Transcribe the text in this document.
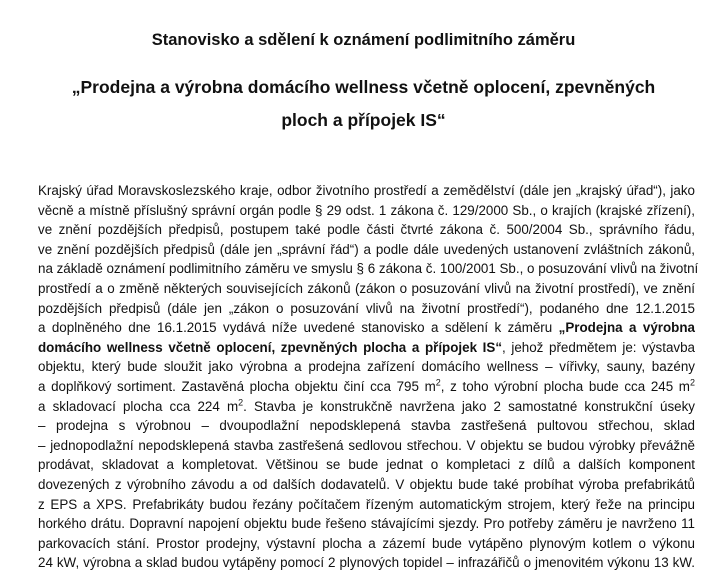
Stanovisko a sdělení k oznámení podlimitního záměru
„Prodejna a výrobna domácího wellness včetně oplocení, zpevněných
ploch a přípojek IS“
Krajský úřad Moravskoslezského kraje, odbor životního prostředí a zemědělství (dále jen „krajský úřad“), jako
věcně a místně příslušný správní orgán podle § 29 odst. 1 zákona č. 129/2000 Sb., o krajích (krajské zřízení),
ve znění pozdějších předpisů, postupem také podle části čtvrté zákona č. 500/2004 Sb., správního řádu,
ve znění pozdějších předpisů (dále jen „správní řád“) a podle dále uvedených ustanovení zvláštních zákonů,
na základě oznámení podlimitního záměru ve smyslu § 6 zákona č. 100/2001 Sb., o posuzování vlivů na životní
prostředí a o změně některých souvisejících zákonů (zákon o posuzování vlivů na životní prostředí), ve znění
pozdějších předpisů (dále jen „zákon o posuzování vlivů na životní prostředí“), podaného dne 12.1.2015
a doplněného dne 16.1.2015 vydává níže uvedené stanovisko a sdělení k záměru „Prodejna a výrobna
domácího wellness včetně oplocení, zpevněných plocha a přípojek IS“, jehož předmětem je: výstavba
objektu, který bude sloužit jako výrobna a prodejna zařízení domácího wellness – vířivky, sauny, bazény
a doplňkový sortiment. Zastavěná plocha objektu činí cca 795 $m^2$, z toho výrobní plocha bude cca 245 $m^2$
a skladovací plocha cca 224 $m^2$. Stavba je konstrukčně navržena jako 2 samostatné konstrukční úseky
– prodejna s výrobnou – dvoupodlažní nepodsklepená stavba zastřešená pultovou střechou, sklad
– jednopodlažní nepodsklepená stavba zastřešená sedlovou střechou. V objektu se budou výrobky převážně
prodávat, skladovat a kompletovat. Většinou se bude jednat o kompletaci z dílů a dalších komponent
dovezených z výrobního závodu a od dalších dodavatelů. V objektu bude také probíhat výroba prefabrikátů
z EPS a XPS. Prefabrikáty budou řezány počítačem řízeným automatickým strojem, který řeže na principu
horkého drátu. Dopravní napojení objektu bude řešeno stávajícími sjezdy. Pro potřeby záměru je navrženo 11
parkovacích stání. Prostor prodejny, výstavní plocha a zázemí bude vytápěno plynovým kotlem o výkonu
24 kW, výrobna a sklad budou vytápěny pomocí 2 plynových topidel – infrazářičů o jmenovitém výkonu 13 kW.
